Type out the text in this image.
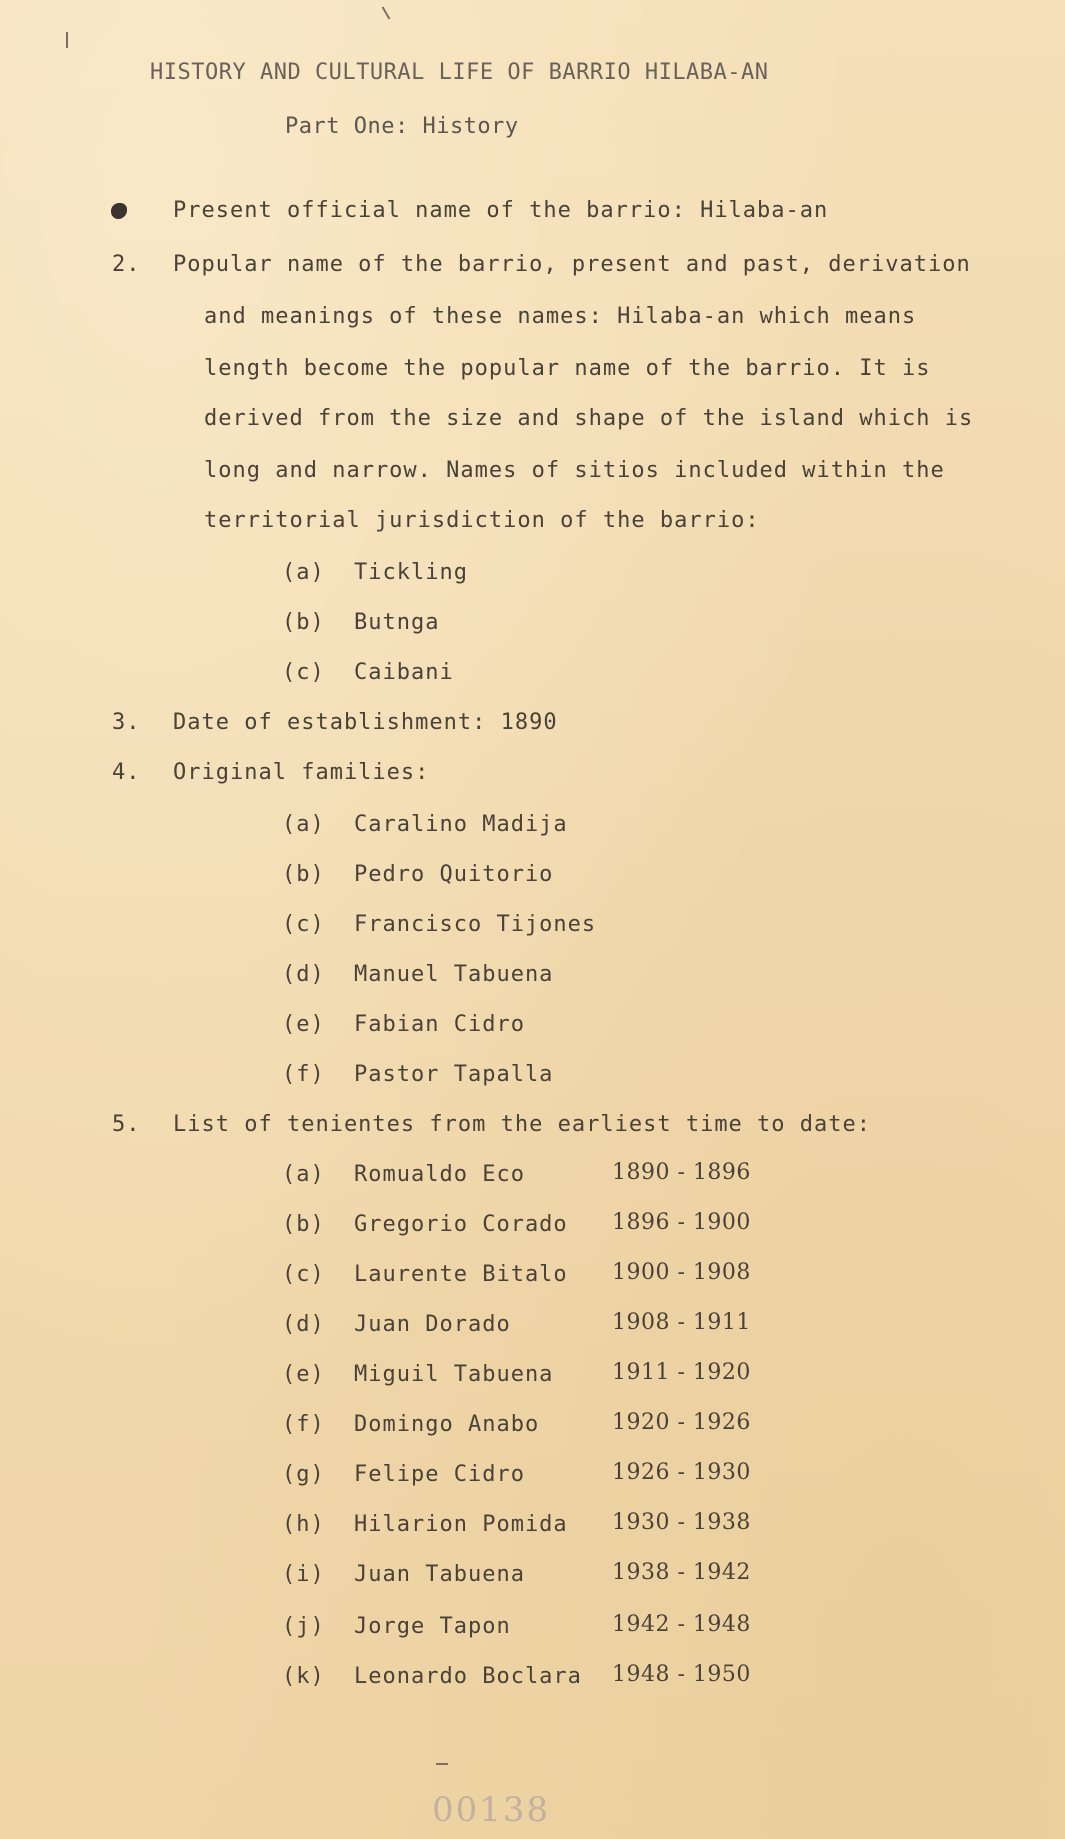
HISTORY AND CULTURAL LIFE OF BARRIO HILABA-AN
Part One: History
Present official name of the barrio: Hilaba-an
2. Popular name of the barrio, present and past, derivation
and meanings of these names: Hilaba-an which means
length become the popular name of the barrio. It is
derived from the size and shape of the island which is
long and narrow. Names of sitios included within the
territorial jurisdiction of the barrio:
(a) Tickling
(b) Butnga
(c) Caibani
3. Date of establishment: 1890
4. Original families:
(a) Caralino Madija
(b) Pedro Quitorio
(c) Francisco Tijones
(d) Manuel Tabuena
(e) Fabian Cidro
(f) Pastor Tapalla
5. List of tenientes from the earliest time to date:
(a) Romualdo Eco	1890 - 1896
(b) Gregorio Corado 1896 - 1900
(c) Laurente Bitalo 1900 - 1908
(d) Juan Dorado	1908 - 1911
(e) Miguil Tabuena	1911 - 1920
(f) Domingo Anabo	1920 - 1926
(g) Felipe Cidro	1926 - 1930
(h) Hilarion Pomida 1930 - 1938
(i) Juan Tabuena	1938 - 1942
(j) Jorge Tapon	1942 - 1948
(k) Leonardo Boclara 1948 - 1950
00138
